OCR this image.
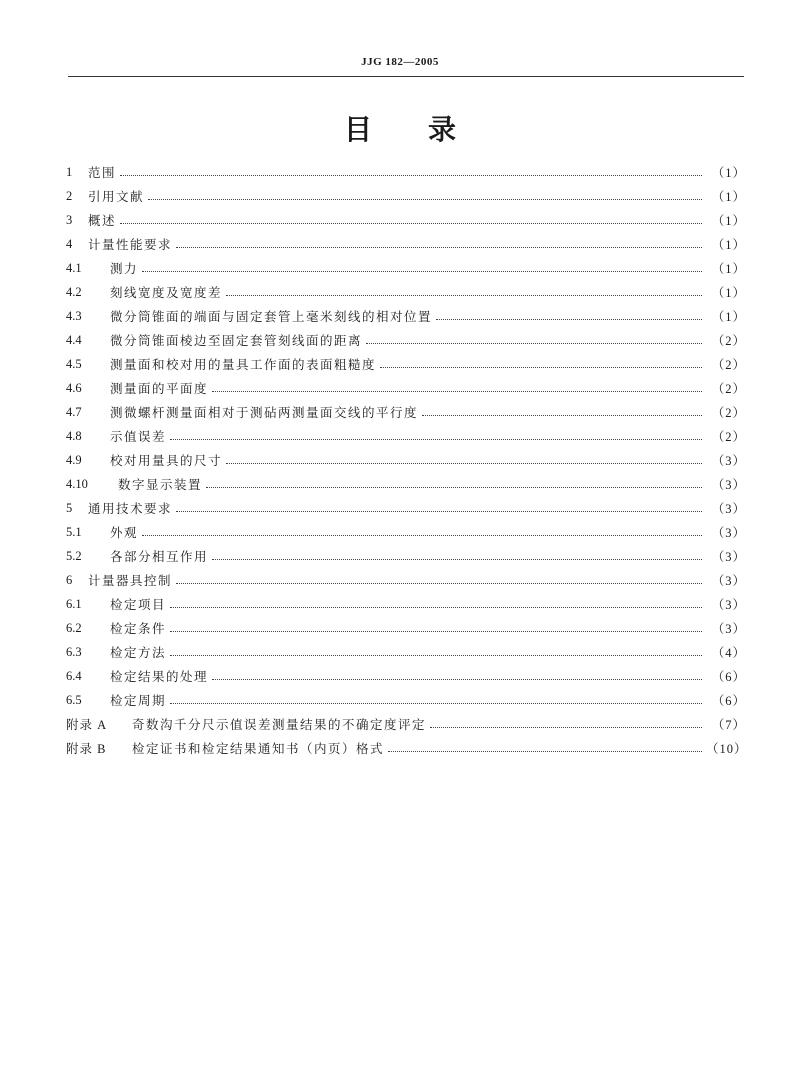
JJG 182—2005
目　　录
1	范围	（1）
2	引用文献	（1）
3	概述	（1）
4	计量性能要求	（1）
4.1	测力	（1）
4.2	刻线宽度及宽度差	（1）
4.3	微分筒锥面的端面与固定套管上毫米刻线的相对位置	（1）
4.4	微分筒锥面棱边至固定套管刻线面的距离	（2）
4.5	测量面和校对用的量具工作面的表面粗糙度	（2）
4.6	测量面的平面度	（2）
4.7	测微螺杆测量面相对于测砧两测量面交线的平行度	（2）
4.8	示值误差	（2）
4.9	校对用量具的尺寸	（3）
4.10	数字显示装置	（3）
5	通用技术要求	（3）
5.1	外观	（3）
5.2	各部分相互作用	（3）
6	计量器具控制	（3）
6.1	检定项目	（3）
6.2	检定条件	（3）
6.3	检定方法	（4）
6.4	检定结果的处理	（6）
6.5	检定周期	（6）
附录 A	奇数沟千分尺示值误差测量结果的不确定度评定	（7）
附录 B	检定证书和检定结果通知书（内页）格式	（10）
